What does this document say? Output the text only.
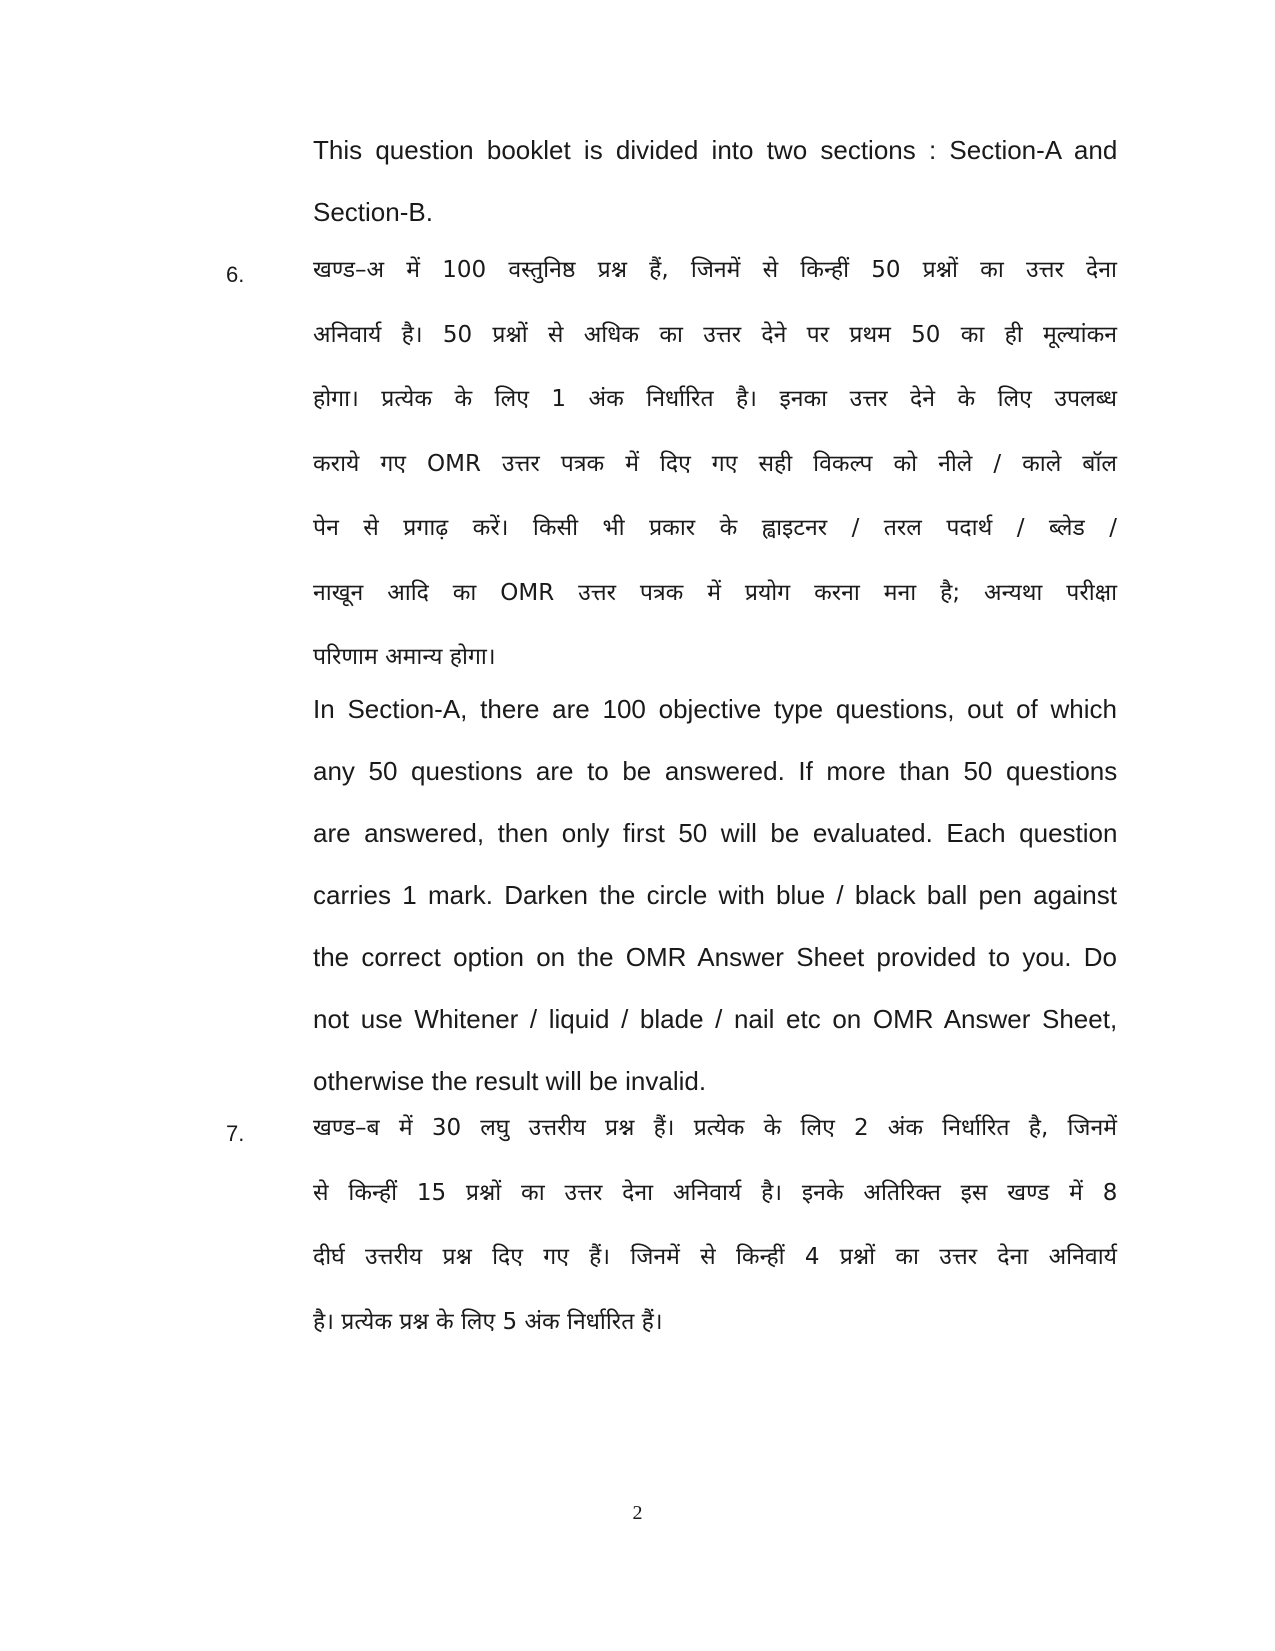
This question booklet is divided into two sections : Section-A and
Section-B.
6.	खण्ड–अ में 100 वस्तुनिष्ठ प्रश्न हैं, जिनमें से किन्हीं 50 प्रश्नों का उत्तर देना
अनिवार्य है। 50 प्रश्नों से अधिक का उत्तर देने पर प्रथम 50 का ही मूल्यांकन
होगा। प्रत्येक के लिए 1 अंक निर्धारित है। इनका उत्तर देने के लिए उपलब्ध
कराये गए OMR उत्तर पत्रक में दिए गए सही विकल्प को नीले / काले बॉल
पेन से प्रगाढ़ करें। किसी भी प्रकार के ह्वाइटनर / तरल पदार्थ / ब्लेड /
नाखून आदि का OMR उत्तर पत्रक में प्रयोग करना मना है; अन्यथा परीक्षा
परिणाम अमान्य होगा।
In Section-A, there are 100 objective type questions, out of which
any 50 questions are to be answered. If more than 50 questions
are answered, then only first 50 will be evaluated. Each question
carries 1 mark. Darken the circle with blue / black ball pen against
the correct option on the OMR Answer Sheet provided to you. Do
not use Whitener / liquid / blade / nail etc on OMR Answer Sheet,
otherwise the result will be invalid.
7.	खण्ड–ब में 30 लघु उत्तरीय प्रश्न हैं। प्रत्येक के लिए 2 अंक निर्धारित है, जिनमें
से किन्हीं 15 प्रश्नों का उत्तर देना अनिवार्य है। इनके अतिरिक्त इस खण्ड में 8
दीर्घ उत्तरीय प्रश्न दिए गए हैं। जिनमें से किन्हीं 4 प्रश्नों का उत्तर देना अनिवार्य
है। प्रत्येक प्रश्न के लिए 5 अंक निर्धारित हैं।
2
